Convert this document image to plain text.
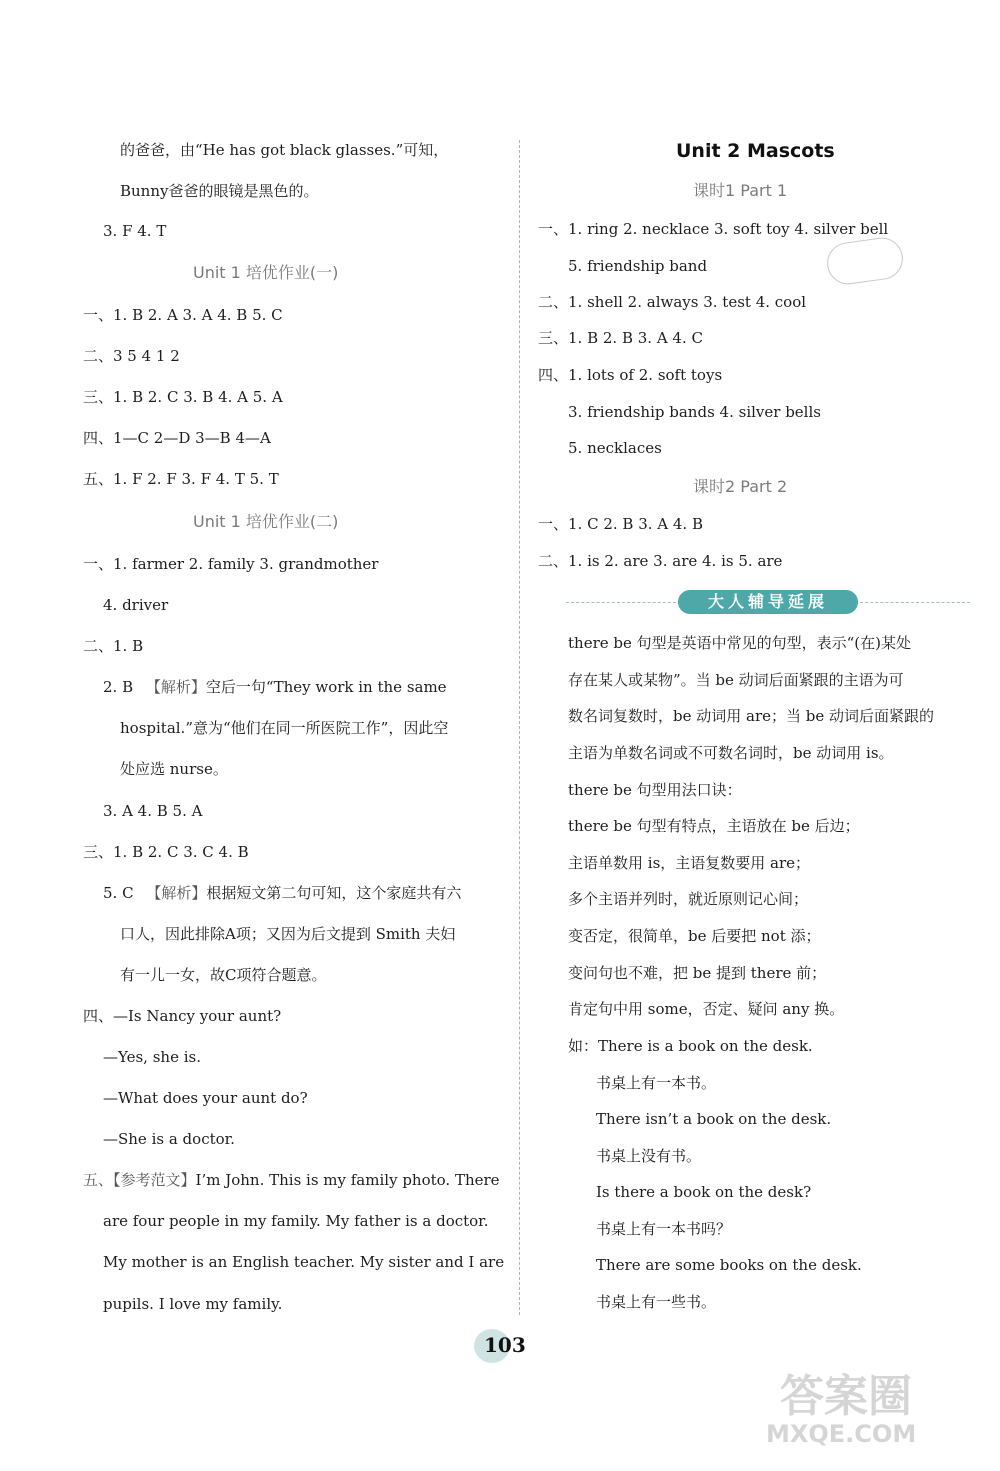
的爸爸，由“He has got black glasses.”可知，
Bunny爸爸的眼镜是黑色的。
3. F 4. T
Unit 1 培优作业(一)
一、1. B 2. A 3. A 4. B 5. C
二、3 5 4 1 2
三、1. B 2. C 3. B 4. A 5. A
四、1—C 2—D 3—B 4—A
五、1. F 2. F 3. F 4. T 5. T
Unit 1 培优作业(二)
一、1. farmer 2. family 3. grandmother
4. driver
二、1. B
2. B 【解析】空后一句“They work in the same
hospital.”意为“他们在同一所医院工作”，因此空
处应选 nurse。
3. A 4. B 5. A
三、1. B 2. C 3. C 4. B
5. C 【解析】根据短文第二句可知，这个家庭共有六
口人，因此排除A项；又因为后文提到 Smith 夫妇
有一儿一女，故C项符合题意。
四、—Is Nancy your aunt?
—Yes, she is.
—What does your aunt do?
—She is a doctor.
五、【参考范文】I’m John. This is my family photo. There
are four people in my family. My father is a doctor.
My mother is an English teacher. My sister and I are
pupils. I love my family.
Unit 2 Mascots
课时1 Part 1
一、1. ring 2. necklace 3. soft toy 4. silver bell
5. friendship band
二、1. shell 2. always 3. test 4. cool
三、1. B 2. B 3. A 4. C
四、1. lots of 2. soft toys
3. friendship bands 4. silver bells
5. necklaces
课时2 Part 2
一、1. C 2. B 3. A 4. B
二、1. is 2. are 3. are 4. is 5. are
大人辅导延展
there be 句型是英语中常见的句型，表示“(在)某处
存在某人或某物”。当 be 动词后面紧跟的主语为可
数名词复数时，be 动词用 are；当 be 动词后面紧跟的
主语为单数名词或不可数名词时，be 动词用 is。
there be 句型用法口诀：
there be 句型有特点，主语放在 be 后边；
主语单数用 is，主语复数要用 are；
多个主语并列时，就近原则记心间；
变否定，很简单，be 后要把 not 添；
变问句也不难，把 be 提到 there 前；
肯定句中用 some，否定、疑问 any 换。
如：There is a book on the desk.
书桌上有一本书。
There isn’t a book on the desk.
书桌上没有书。
Is there a book on the desk?
书桌上有一本书吗？
There are some books on the desk.
书桌上有一些书。
103
答案圈
MXQE.COM
